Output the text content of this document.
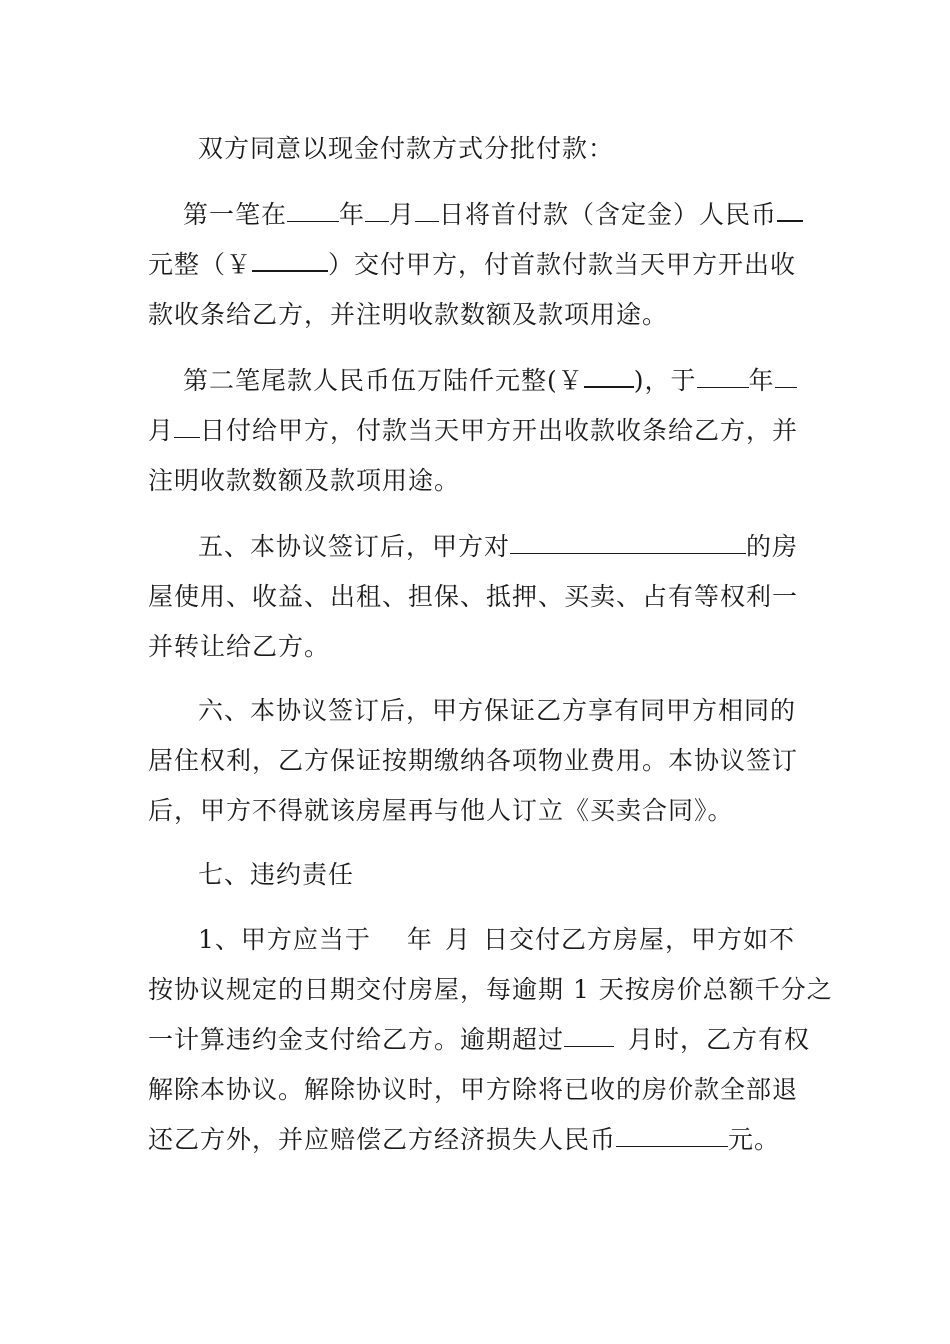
双方同意以现金付款方式分批付款：
第一笔在 年 月 日将首付款（含定金）人民币
元整（￥	）交付甲方，付首款付款当天甲方开出收
款收条给乙方，并注明收款数额及款项用途。
第二笔尾款人民币伍万陆仟元整(￥ )，于 年
月 日付给甲方，付款当天甲方开出收款收条给乙方，并
注明收款数额及款项用途。
五、本协议签订后，甲方对	的房
屋使用、收益、出租、担保、抵押、买卖、占有等权利一
并转让给乙方。
六、本协议签订后，甲方保证乙方享有同甲方相同的
居住权利，乙方保证按期缴纳各项物业费用。本协议签订
后，甲方不得就该房屋再与他人订立《买卖合同》。
七、违约责任
1、甲方应当于 年 月 日交付乙方房屋，甲方如不
按协议规定的日期交付房屋，每逾期 1 天按房价总额千分之
一计算违约金支付给乙方。逾期超过	月时，乙方有权
解除本协议。解除协议时，甲方除将已收的房价款全部退
还乙方外，并应赔偿乙方经济损失人民币	元。
